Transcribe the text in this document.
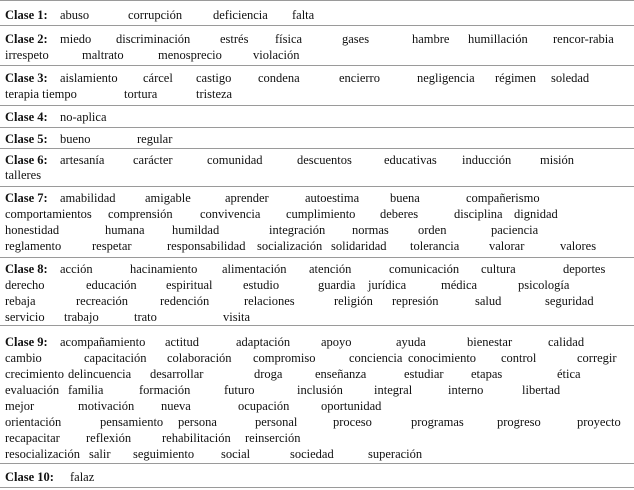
Clase 1: abuso	corrupción deficiencia falta
Clase 2: miedo discriminación estrés física	gases	hambre humillación rencor-rabia
irrespeto	maltrato	menosprecio violación
Clase 3: aislamiento cárcel castigo condena	encierro	negligencia régimen soledad
terapia tiempo	tortura	tristeza
Clase 4: no-aplica
Clase 5: bueno	regular
Clase 6: artesanía carácter	comunidad	descuentos	educativas inducción misión
talleres
Clase 7: amabilidad amigable	aprender	autoestima buena	compañerismo
comportamientos comprensión convivencia cumplimiento deberes	disciplina dignidad
honestidad	humana humildad	integración normas orden	paciencia
reglamento respetar	responsabilidad socialización solidaridad tolerancia valorar	valores
Clase 8: acción	hacinamiento alimentación atención	comunicación cultura	deportes
derecho	educación espiritual estudio	guardia jurídica	médica	psicología
rebaja	recreación	redención	relaciones	religión represión	salud	seguridad
servicio trabajo	trato	visita
Clase 9: acompañamiento actitud	adaptación apoyo	ayuda	bienestar	calidad
cambio	capacitación colaboración compromiso	conciencia conocimiento control	corregir
crecimiento delincuencia desarrollar	droga	enseñanza	estudiar etapas	ética
evaluación familia	formación	futuro	inclusión integral	interno	libertad
mejor	motivación nueva	ocupación	oportunidad
orientación	pensamiento persona	personal	proceso	programas	progreso	proyecto
recapacitar reflexión rehabilitación reinserción
resocialización salir seguimiento social	sociedad	superación
Clase 10: falaz
